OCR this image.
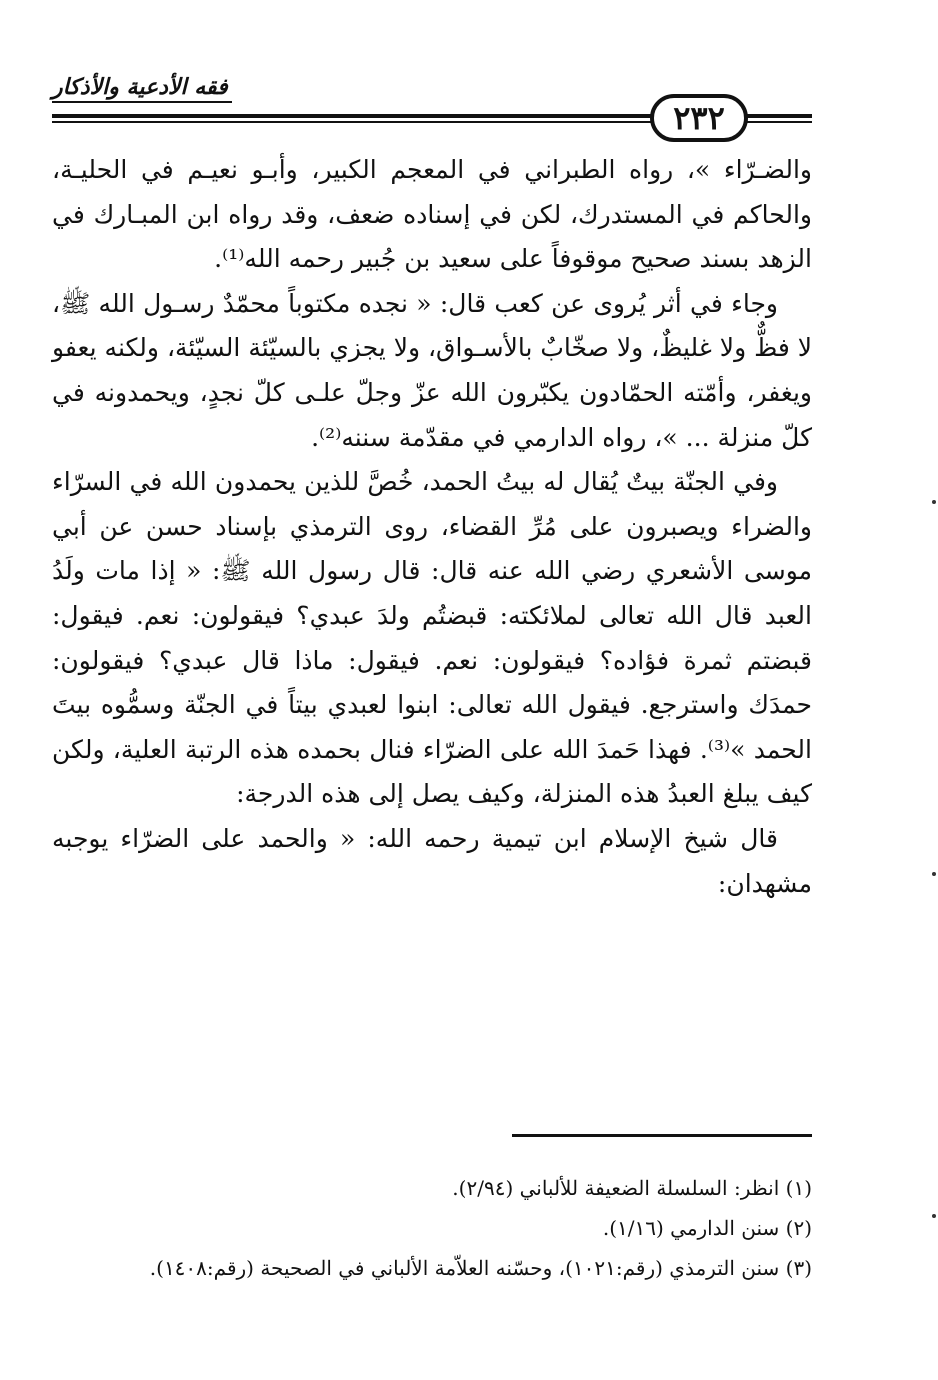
فقه الأدعية والأذكار
٢٣٢

والضـرّاء »، رواه الطبراني في المعجم الكبير، وأبـو نعيـم في الحليـة، والحاكم في المستدرك، لكن في إسناده ضعف، وقد رواه ابن المبـارك في الزهد بسند صحيح موقوفاً على سعيد بن جُبير رحمه الله⁽¹⁾.

وجاء في أثر يُروى عن كعب قال: « نجده مكتوباً محمّدٌ رسـول الله ﷺ، لا فظٌّ ولا غليظٌ، ولا صخّابٌ بالأسـواق، ولا يجزي بالسيّئة السيّئة، ولكنه يعفو ويغفر، وأمّته الحمّادون يكبّرون الله عزّ وجلّ علـى كلّ نجدٍ، ويحمدونه في كلّ منزلة ... »، رواه الدارمي في مقدّمة سننه⁽²⁾.

وفي الجنّة بيتٌ يُقال له بيتُ الحمد، خُصَّ للذين يحمدون الله في السرّاء والضراء ويصبرون على مُرِّ القضاء، روى الترمذي بإسناد حسن عن أبي موسى الأشعري رضي الله عنه قال: قال رسول الله ﷺ: « إذا مات ولَدُ العبد قال الله تعالى لملائكته: قبضتُم ولدَ عبدي؟ فيقولون: نعم. فيقول: قبضتم ثمرة فؤاده؟ فيقولون: نعم. فيقول: ماذا قال عبدي؟ فيقولون: حمدَك واسترجع. فيقول الله تعالى: ابنوا لعبدي بيتاً في الجنّة وسمُّوه بيتَ الحمد »⁽³⁾. فهذا حَمدَ الله على الضرّاء فنال بحمده هذه الرتبة العلية، ولكن كيف يبلغ العبدُ هذه المنزلة، وكيف يصل إلى هذه الدرجة:

قال شيخ الإسلام ابن تيمية رحمه الله: « والحمد على الضرّاء يوجبه مشهدان:

(١) انظر: السلسلة الضعيفة للألباني (٢/٩٤).
(٢) سنن الدارمي (١/١٦).
(٣) سنن الترمذي (رقم:١٠٢١)، وحسّنه العلاّمة الألباني في الصحيحة (رقم:١٤٠٨).
